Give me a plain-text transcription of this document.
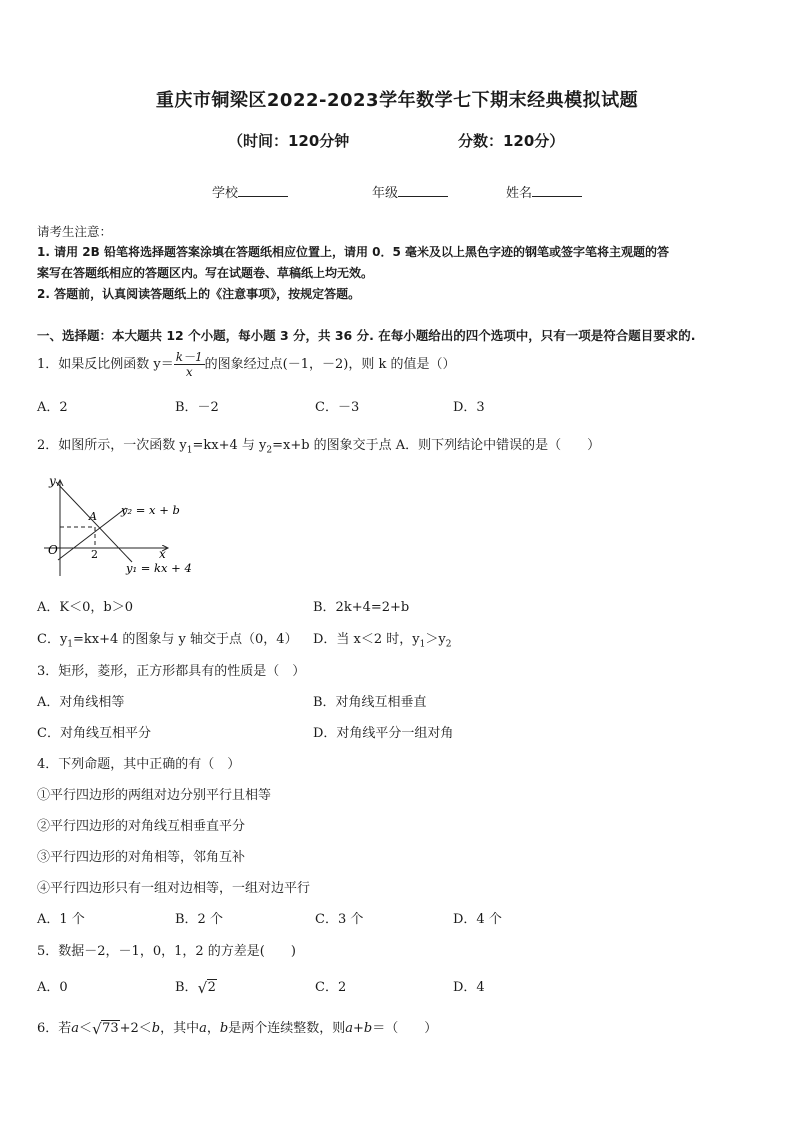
重庆市铜梁区2022-2023学年数学七下期末经典模拟试题
（时间：120分钟	分数：120分）
学校	年级	姓名
请考生注意：
1. 请用 2B 铅笔将选择题答案涂填在答题纸相应位置上，请用 0．5 毫米及以上黑色字迹的钢笔或签字笔将主观题的答
案写在答题纸相应的答题区内。写在试题卷、草稿纸上均无效。
2. 答题前，认真阅读答题纸上的《注意事项》，按规定答题。
一、选择题：本大题共 12 个小题，每小题 3 分，共 36 分. 在每小题给出的四个选项中，只有一项是符合题目要求的.
1．如果反比例函数 $y= \frac{k-1}{x}$ 的图象经过点(－1，－2)，则 k 的值是（）
A．2	B．－2	C．－3	D．3
2．如图所示，一次函数 $y_1=kx+4$ 与 $y_2=x+b$ 的图象交于点 A．则下列结论中错误的是（　　）
y
x
O
A
2
y₂ = x + b
y₁ = kx + 4
A．K＜0，b＞0	B．2k+4=2+b
C．$y_1=kx+4$ 的图象与 y 轴交于点（0，4） D．当 x＜2 时，$y_1>y_2$
3．矩形，菱形，正方形都具有的性质是（　）
A．对角线相等	B．对角线互相垂直
C．对角线互相平分	D．对角线平分一组对角
4．下列命题，其中正确的有（　）
①平行四边形的两组对边分别平行且相等
②平行四边形的对角线互相垂直平分
③平行四边形的对角相等，邻角互补
④平行四边形只有一组对边相等，一组对边平行
A．1 个	B．2 个	C．3 个	D．4 个
5．数据－2，－1，0，1，2 的方差是(　　)
A．0	B． √ 2	C．2	D．4
6．若a＜ √ 73+2＜b，其中a，b是两个连续整数，则a+b＝（　　）
